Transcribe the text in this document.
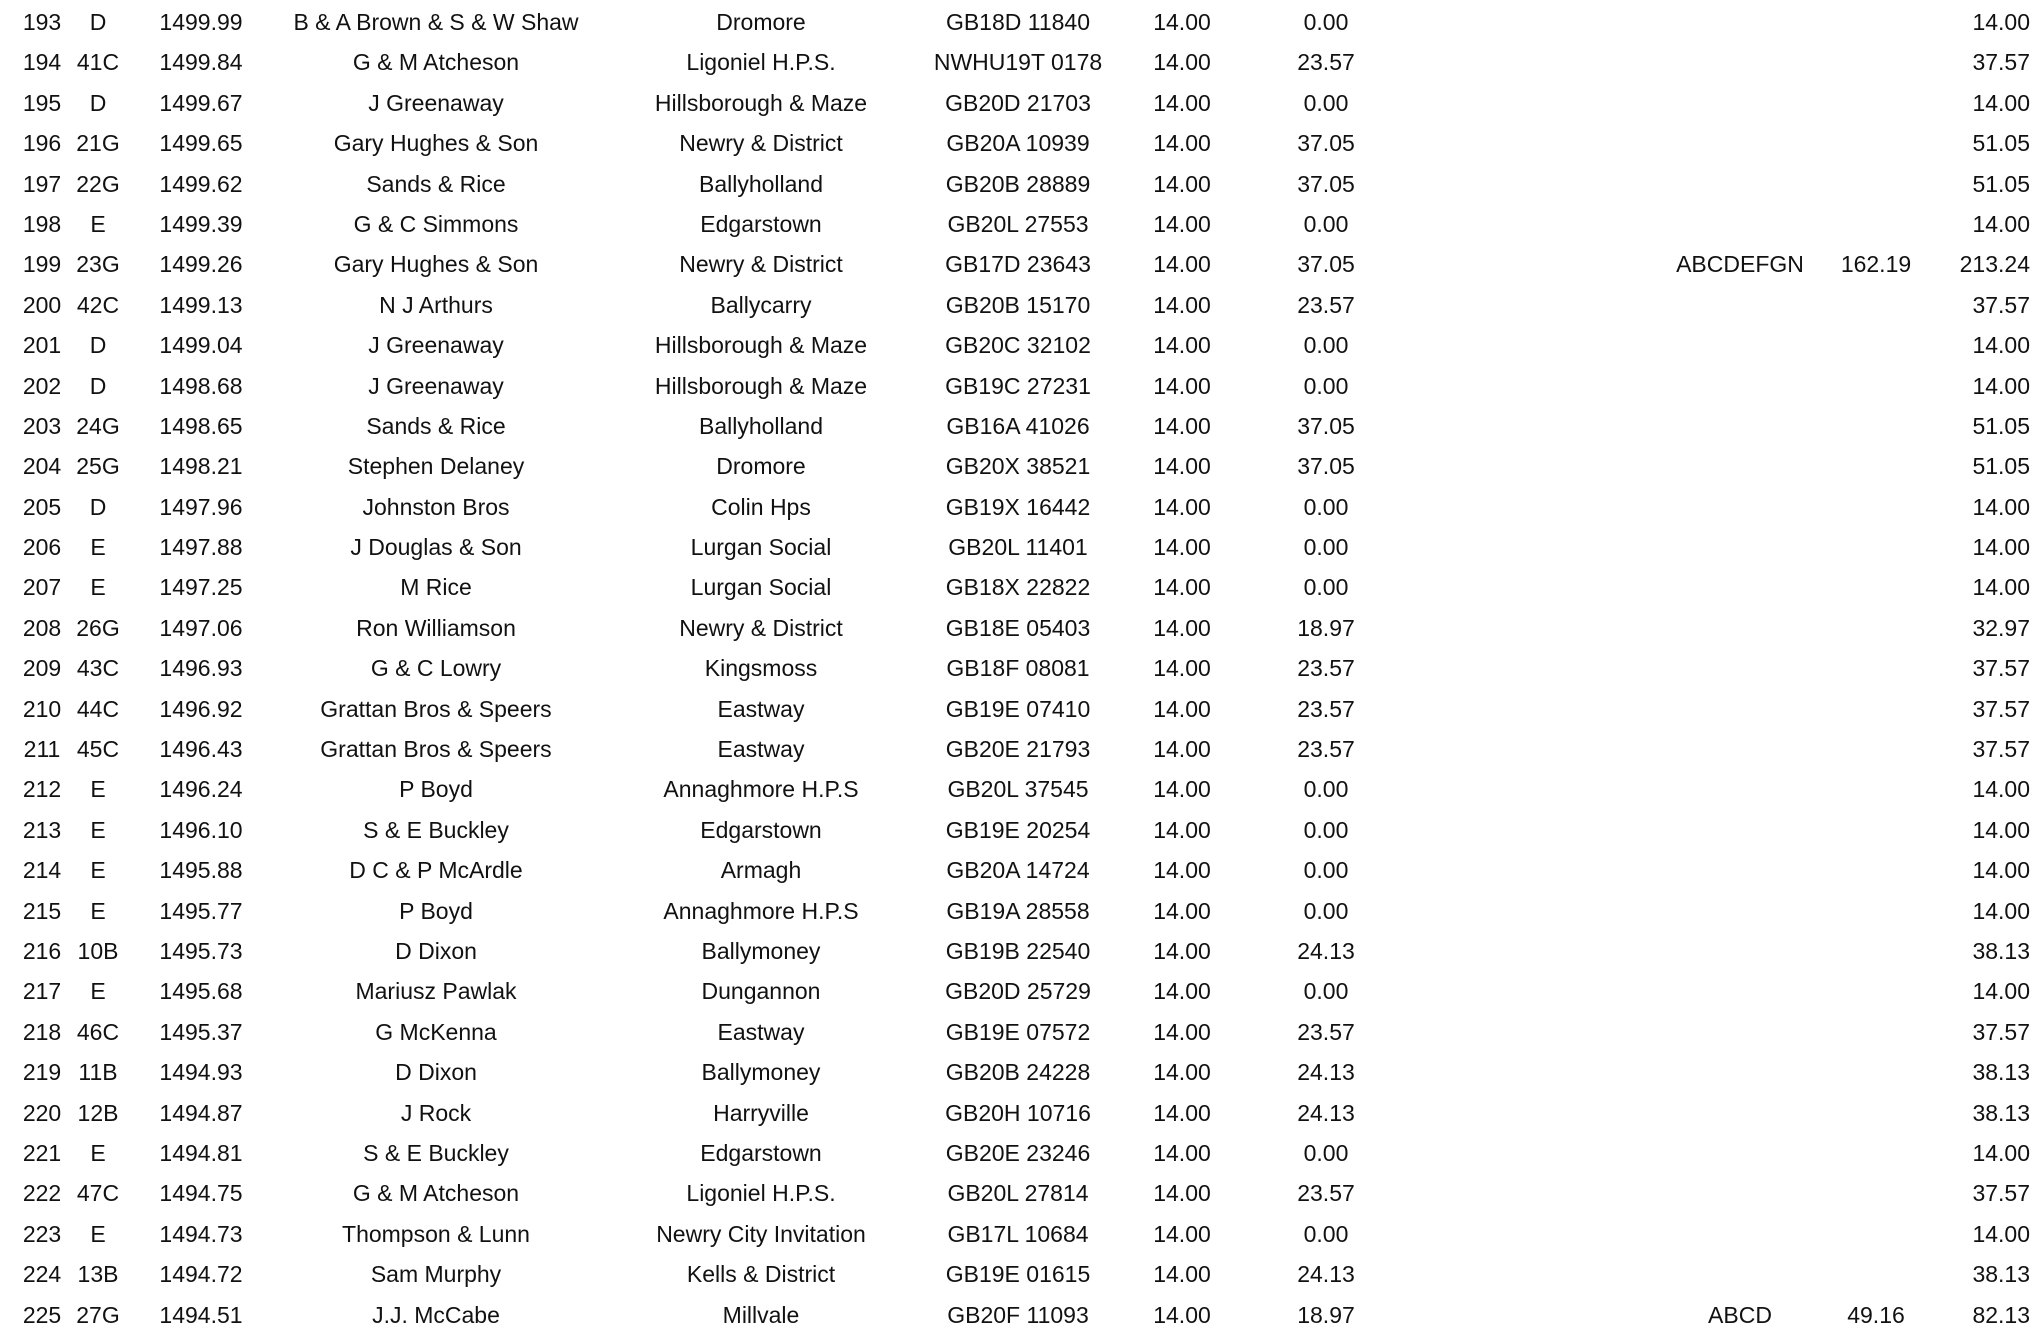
193	D	1499.99	B & A Brown & S & W Shaw	Dromore	GB18D 11840	14.00	0.00	14.00
194 41C	1499.84	G & M Atcheson	Ligoniel H.P.S.	NWHU19T 0178	14.00	23.57	37.57
195	D	1499.67	J Greenaway	Hillsborough & Maze	GB20D 21703	14.00	0.00	14.00
196 21G	1499.65	Gary Hughes & Son	Newry & District	GB20A 10939	14.00	37.05	51.05
197 22G	1499.62	Sands & Rice	Ballyholland	GB20B 28889	14.00	37.05	51.05
198	E	1499.39	G & C Simmons	Edgarstown	GB20L 27553	14.00	0.00	14.00
199 23G	1499.26	Gary Hughes & Son	Newry & District	GB17D 23643	14.00	37.05	ABCDEFGN	162.19	213.24
200 42C	1499.13	N J Arthurs	Ballycarry	GB20B 15170	14.00	23.57	37.57
201	D	1499.04	J Greenaway	Hillsborough & Maze	GB20C 32102	14.00	0.00	14.00
202	D	1498.68	J Greenaway	Hillsborough & Maze	GB19C 27231	14.00	0.00	14.00
203 24G	1498.65	Sands & Rice	Ballyholland	GB16A 41026	14.00	37.05	51.05
204 25G	1498.21	Stephen Delaney	Dromore	GB20X 38521	14.00	37.05	51.05
205	D	1497.96	Johnston Bros	Colin Hps	GB19X 16442	14.00	0.00	14.00
206	E	1497.88	J Douglas & Son	Lurgan Social	GB20L 11401	14.00	0.00	14.00
207	E	1497.25	M Rice	Lurgan Social	GB18X 22822	14.00	0.00	14.00
208 26G	1497.06	Ron Williamson	Newry & District	GB18E 05403	14.00	18.97	32.97
209 43C	1496.93	G & C Lowry	Kingsmoss	GB18F 08081	14.00	23.57	37.57
210 44C	1496.92	Grattan Bros & Speers	Eastway	GB19E 07410	14.00	23.57	37.57
211 45C	1496.43	Grattan Bros & Speers	Eastway	GB20E 21793	14.00	23.57	37.57
212	E	1496.24	P Boyd	Annaghmore H.P.S	GB20L 37545	14.00	0.00	14.00
213	E	1496.10	S & E Buckley	Edgarstown	GB19E 20254	14.00	0.00	14.00
214	E	1495.88	D C & P McArdle	Armagh	GB20A 14724	14.00	0.00	14.00
215	E	1495.77	P Boyd	Annaghmore H.P.S	GB19A 28558	14.00	0.00	14.00
216 10B	1495.73	D Dixon	Ballymoney	GB19B 22540	14.00	24.13	38.13
217	E	1495.68	Mariusz Pawlak	Dungannon	GB20D 25729	14.00	0.00	14.00
218 46C	1495.37	G McKenna	Eastway	GB19E 07572	14.00	23.57	37.57
219 11B	1494.93	D Dixon	Ballymoney	GB20B 24228	14.00	24.13	38.13
220 12B	1494.87	J Rock	Harryville	GB20H 10716	14.00	24.13	38.13
221	E	1494.81	S & E Buckley	Edgarstown	GB20E 23246	14.00	0.00	14.00
222 47C	1494.75	G & M Atcheson	Ligoniel H.P.S.	GB20L 27814	14.00	23.57	37.57
223	E	1494.73	Thompson & Lunn	Newry City Invitation	GB17L 10684	14.00	0.00	14.00
224 13B	1494.72	Sam Murphy	Kells & District	GB19E 01615	14.00	24.13	38.13
225 27G	1494.51	J.J. McCabe	Millvale	GB20F 11093	14.00	18.97	ABCD	49.16	82.13
